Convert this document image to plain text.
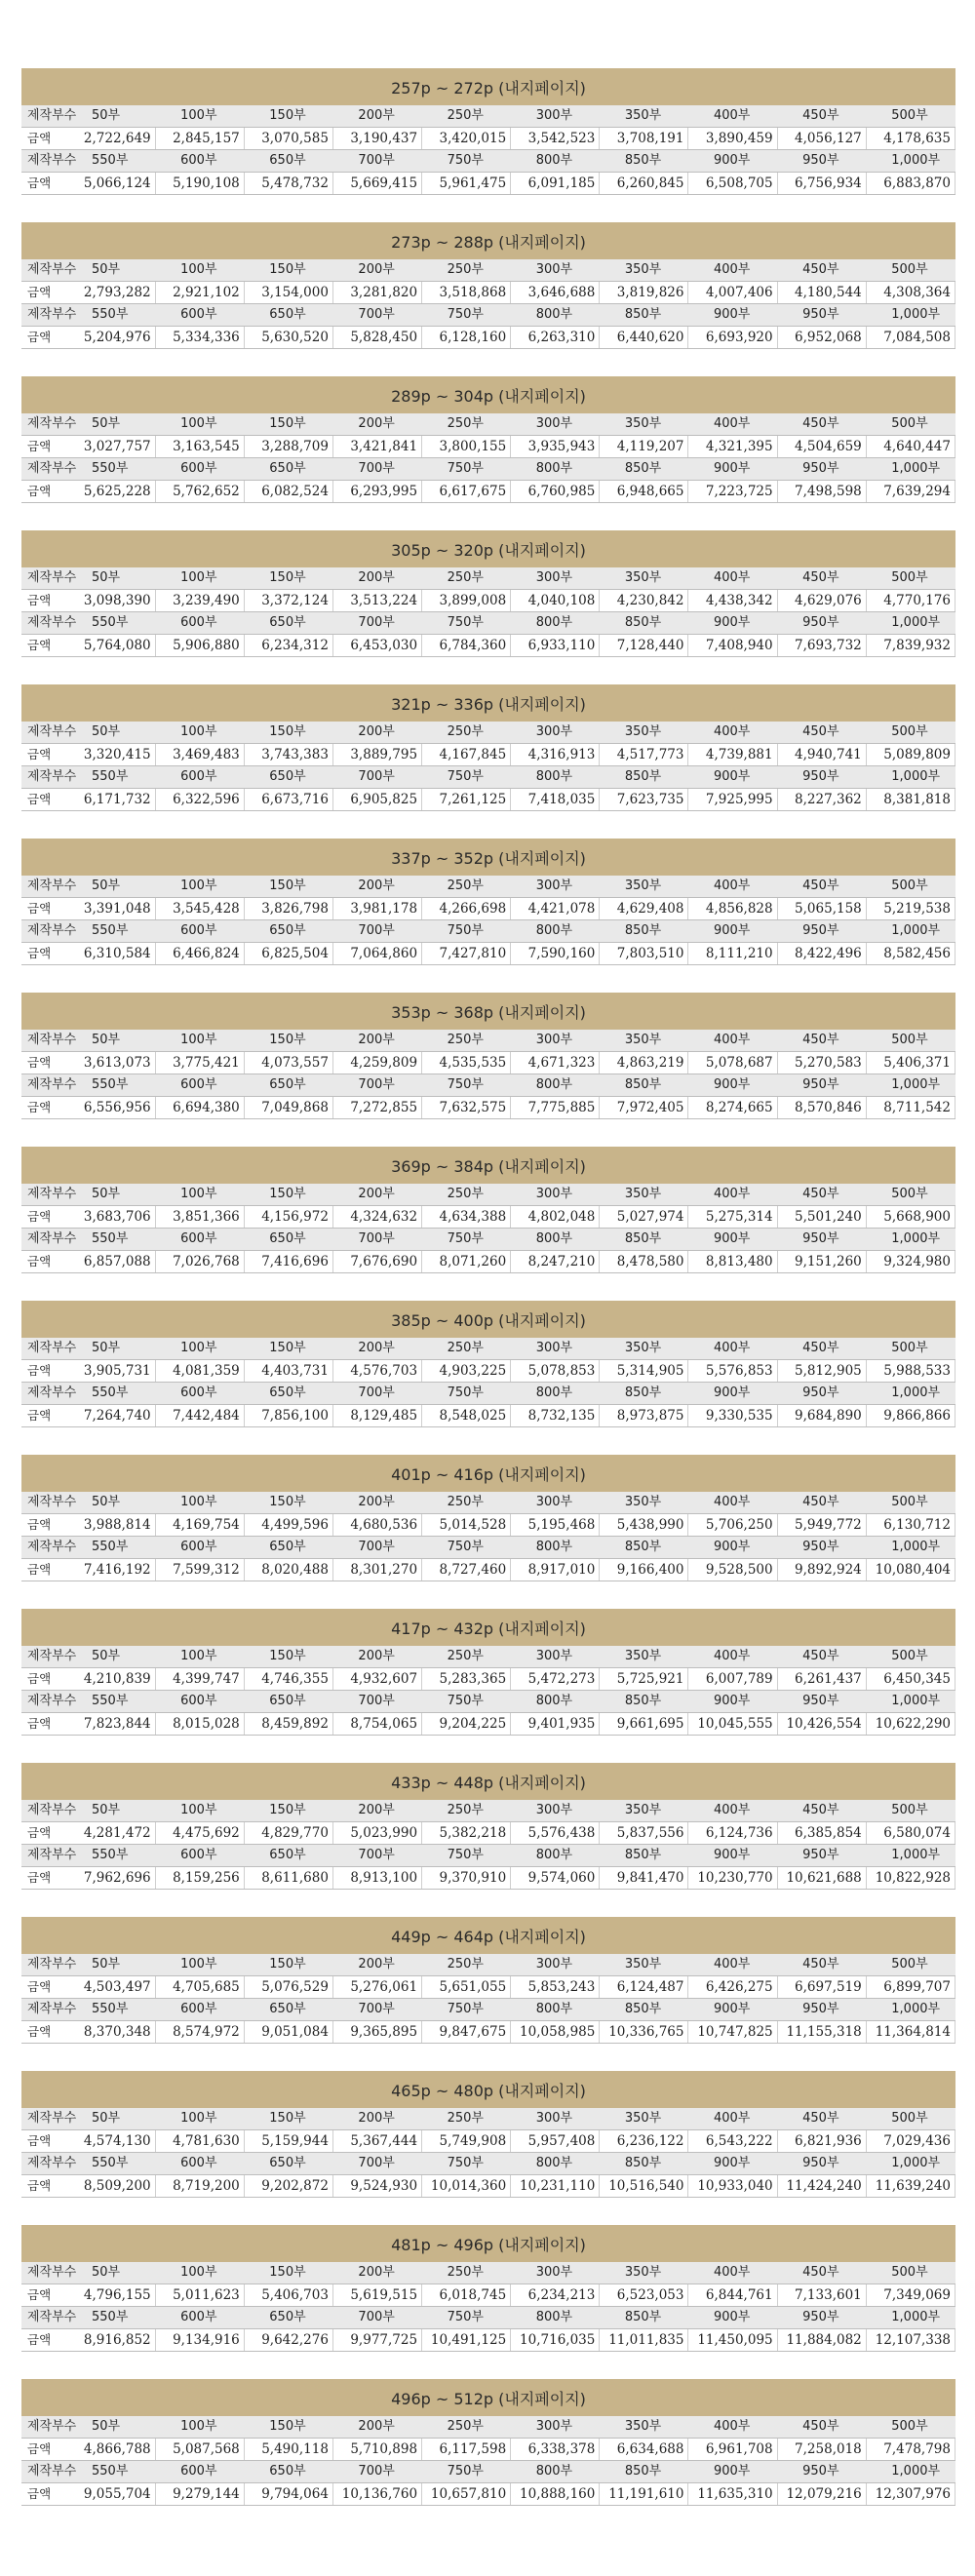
257p ~ 272p (내지페이지)
제작부수	50부	100부	150부	200부	250부	300부	350부	400부	450부	500부
금액	2,722,649	2,845,157	3,070,585	3,190,437	3,420,015	3,542,523	3,708,191	3,890,459	4,056,127	4,178,635
제작부수	550부	600부	650부	700부	750부	800부	850부	900부	950부	1,000부
금액	5,066,124	5,190,108	5,478,732	5,669,415	5,961,475	6,091,185	6,260,845	6,508,705	6,756,934	6,883,870
273p ~ 288p (내지페이지)
제작부수	50부	100부	150부	200부	250부	300부	350부	400부	450부	500부
금액	2,793,282	2,921,102	3,154,000	3,281,820	3,518,868	3,646,688	3,819,826	4,007,406	4,180,544	4,308,364
제작부수	550부	600부	650부	700부	750부	800부	850부	900부	950부	1,000부
금액	5,204,976	5,334,336	5,630,520	5,828,450	6,128,160	6,263,310	6,440,620	6,693,920	6,952,068	7,084,508
289p ~ 304p (내지페이지)
제작부수	50부	100부	150부	200부	250부	300부	350부	400부	450부	500부
금액	3,027,757	3,163,545	3,288,709	3,421,841	3,800,155	3,935,943	4,119,207	4,321,395	4,504,659	4,640,447
제작부수	550부	600부	650부	700부	750부	800부	850부	900부	950부	1,000부
금액	5,625,228	5,762,652	6,082,524	6,293,995	6,617,675	6,760,985	6,948,665	7,223,725	7,498,598	7,639,294
305p ~ 320p (내지페이지)
제작부수	50부	100부	150부	200부	250부	300부	350부	400부	450부	500부
금액	3,098,390	3,239,490	3,372,124	3,513,224	3,899,008	4,040,108	4,230,842	4,438,342	4,629,076	4,770,176
제작부수	550부	600부	650부	700부	750부	800부	850부	900부	950부	1,000부
금액	5,764,080	5,906,880	6,234,312	6,453,030	6,784,360	6,933,110	7,128,440	7,408,940	7,693,732	7,839,932
321p ~ 336p (내지페이지)
제작부수	50부	100부	150부	200부	250부	300부	350부	400부	450부	500부
금액	3,320,415	3,469,483	3,743,383	3,889,795	4,167,845	4,316,913	4,517,773	4,739,881	4,940,741	5,089,809
제작부수	550부	600부	650부	700부	750부	800부	850부	900부	950부	1,000부
금액	6,171,732	6,322,596	6,673,716	6,905,825	7,261,125	7,418,035	7,623,735	7,925,995	8,227,362	8,381,818
337p ~ 352p (내지페이지)
제작부수	50부	100부	150부	200부	250부	300부	350부	400부	450부	500부
금액	3,391,048	3,545,428	3,826,798	3,981,178	4,266,698	4,421,078	4,629,408	4,856,828	5,065,158	5,219,538
제작부수	550부	600부	650부	700부	750부	800부	850부	900부	950부	1,000부
금액	6,310,584	6,466,824	6,825,504	7,064,860	7,427,810	7,590,160	7,803,510	8,111,210	8,422,496	8,582,456
353p ~ 368p (내지페이지)
제작부수	50부	100부	150부	200부	250부	300부	350부	400부	450부	500부
금액	3,613,073	3,775,421	4,073,557	4,259,809	4,535,535	4,671,323	4,863,219	5,078,687	5,270,583	5,406,371
제작부수	550부	600부	650부	700부	750부	800부	850부	900부	950부	1,000부
금액	6,556,956	6,694,380	7,049,868	7,272,855	7,632,575	7,775,885	7,972,405	8,274,665	8,570,846	8,711,542
369p ~ 384p (내지페이지)
제작부수	50부	100부	150부	200부	250부	300부	350부	400부	450부	500부
금액	3,683,706	3,851,366	4,156,972	4,324,632	4,634,388	4,802,048	5,027,974	5,275,314	5,501,240	5,668,900
제작부수	550부	600부	650부	700부	750부	800부	850부	900부	950부	1,000부
금액	6,857,088	7,026,768	7,416,696	7,676,690	8,071,260	8,247,210	8,478,580	8,813,480	9,151,260	9,324,980
385p ~ 400p (내지페이지)
제작부수	50부	100부	150부	200부	250부	300부	350부	400부	450부	500부
금액	3,905,731	4,081,359	4,403,731	4,576,703	4,903,225	5,078,853	5,314,905	5,576,853	5,812,905	5,988,533
제작부수	550부	600부	650부	700부	750부	800부	850부	900부	950부	1,000부
금액	7,264,740	7,442,484	7,856,100	8,129,485	8,548,025	8,732,135	8,973,875	9,330,535	9,684,890	9,866,866
401p ~ 416p (내지페이지)
제작부수	50부	100부	150부	200부	250부	300부	350부	400부	450부	500부
금액	3,988,814	4,169,754	4,499,596	4,680,536	5,014,528	5,195,468	5,438,990	5,706,250	5,949,772	6,130,712
제작부수	550부	600부	650부	700부	750부	800부	850부	900부	950부	1,000부
금액	7,416,192	7,599,312	8,020,488	8,301,270	8,727,460	8,917,010	9,166,400	9,528,500	9,892,924	10,080,404
417p ~ 432p (내지페이지)
제작부수	50부	100부	150부	200부	250부	300부	350부	400부	450부	500부
금액	4,210,839	4,399,747	4,746,355	4,932,607	5,283,365	5,472,273	5,725,921	6,007,789	6,261,437	6,450,345
제작부수	550부	600부	650부	700부	750부	800부	850부	900부	950부	1,000부
금액	7,823,844	8,015,028	8,459,892	8,754,065	9,204,225	9,401,935	9,661,695	10,045,555	10,426,554	10,622,290
433p ~ 448p (내지페이지)
제작부수	50부	100부	150부	200부	250부	300부	350부	400부	450부	500부
금액	4,281,472	4,475,692	4,829,770	5,023,990	5,382,218	5,576,438	5,837,556	6,124,736	6,385,854	6,580,074
제작부수	550부	600부	650부	700부	750부	800부	850부	900부	950부	1,000부
금액	7,962,696	8,159,256	8,611,680	8,913,100	9,370,910	9,574,060	9,841,470	10,230,770	10,621,688	10,822,928
449p ~ 464p (내지페이지)
제작부수	50부	100부	150부	200부	250부	300부	350부	400부	450부	500부
금액	4,503,497	4,705,685	5,076,529	5,276,061	5,651,055	5,853,243	6,124,487	6,426,275	6,697,519	6,899,707
제작부수	550부	600부	650부	700부	750부	800부	850부	900부	950부	1,000부
금액	8,370,348	8,574,972	9,051,084	9,365,895	9,847,675	10,058,985	10,336,765	10,747,825	11,155,318	11,364,814
465p ~ 480p (내지페이지)
제작부수	50부	100부	150부	200부	250부	300부	350부	400부	450부	500부
금액	4,574,130	4,781,630	5,159,944	5,367,444	5,749,908	5,957,408	6,236,122	6,543,222	6,821,936	7,029,436
제작부수	550부	600부	650부	700부	750부	800부	850부	900부	950부	1,000부
금액	8,509,200	8,719,200	9,202,872	9,524,930	10,014,360	10,231,110	10,516,540	10,933,040	11,424,240	11,639,240
481p ~ 496p (내지페이지)
제작부수	50부	100부	150부	200부	250부	300부	350부	400부	450부	500부
금액	4,796,155	5,011,623	5,406,703	5,619,515	6,018,745	6,234,213	6,523,053	6,844,761	7,133,601	7,349,069
제작부수	550부	600부	650부	700부	750부	800부	850부	900부	950부	1,000부
금액	8,916,852	9,134,916	9,642,276	9,977,725	10,491,125	10,716,035	11,011,835	11,450,095	11,884,082	12,107,338
496p ~ 512p (내지페이지)
제작부수	50부	100부	150부	200부	250부	300부	350부	400부	450부	500부
금액	4,866,788	5,087,568	5,490,118	5,710,898	6,117,598	6,338,378	6,634,688	6,961,708	7,258,018	7,478,798
제작부수	550부	600부	650부	700부	750부	800부	850부	900부	950부	1,000부
금액	9,055,704	9,279,144	9,794,064	10,136,760	10,657,810	10,888,160	11,191,610	11,635,310	12,079,216	12,307,976
